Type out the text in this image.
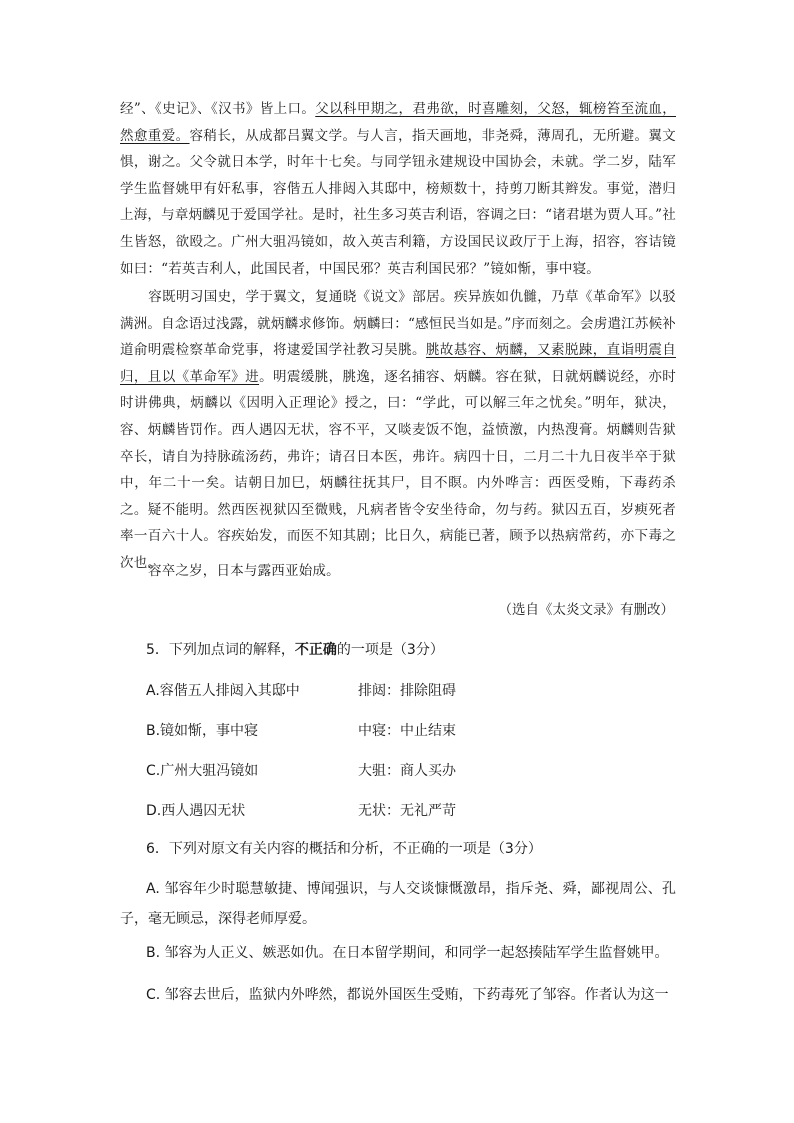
经”、《史记》、《汉书》皆上口。父以科甲期之，君弗欲，时喜雕刻，父怒，辄榜笞至流血，然愈重爱。容稍长，从成都吕翼文学。与人言，指天画地，非尧舜，薄周孔，无所避。翼文惧，谢之。父令就日本学，时年十七矣。与同学钮永建规设中国协会，未就。学二岁，陆军学生监督姚甲有奸私事，容偕五人排闼入其邸中，榜颊数十，持剪刀断其辫发。事觉，潜归上海，与章炳麟见于爱国学社。是时，社生多习英吉利语，容调之曰：“诸君堪为贾人耳。”社生皆怒，欲殴之。广州大驵冯镜如，故入英吉利籍，方设国民议政厅于上海，招容，容诘镜如曰：“若英吉利人，此国民者，中国民邪？英吉利国民邪？”镜如惭，事中寝。
容既明习国史，学于翼文，复通晓《说文》部居。疾异族如仇雠，乃草《革命军》以驳满洲。自念语过浅露，就炳麟求修饰。炳麟曰：“感恒民当如是。”序而刻之。会虏遣江苏候补道俞明震检察革命党事，将逮爱国学社教习吴朓。朓故惎容、炳麟，又素脱踈，直诣明震自归，且以《革命军》进。明震缓朓，朓逸，逐名捕容、炳麟。容在狱，日就炳麟说经，亦时时讲佛典，炳麟以《因明入正理论》授之，曰：“学此，可以解三年之忧矣。”明年，狱决，容、炳麟皆罚作。西人遇囚无状，容不平，又啖麦饭不饱，益愤激，内热溲膏。炳麟则告狱卒长，请自为持脉疏汤药，弗许；请召日本医，弗许。病四十日，二月二十九日夜半卒于狱中，年二十一矣。诘朝日加巳，炳麟往抚其尸，目不瞑。内外哗言：西医受贿，下毒药杀之。疑不能明。然西医视狱囚至微贱，凡病者皆令安坐待命，勿与药。狱囚五百，岁瘐死者率一百六十人。容疾始发，而医不知其剧；比日久，病能已著，顾予以热病常药，亦下毒之次也。
容卒之岁，日本与露西亚始成。
（选自《太炎文录》有删改）
5．下列加点词的解释，不正确的一项是（3分）
A.容偕五人排闼入其邸中	排闼：排除阻碍
B.镜如惭，事中寝	中寝：中止结束
C.广州大驵冯镜如	大驵：商人买办
D.西人遇囚无状	无状：无礼严苛
6．下列对原文有关内容的概括和分析，不正确的一项是（3分）
A. 邹容年少时聪慧敏捷、博闻强识，与人交谈慷慨激昂，指斥尧、舜，鄙视周公、孔子，毫无顾忌，深得老师厚爱。
B. 邹容为人正义、嫉恶如仇。在日本留学期间，和同学一起怒揍陆军学生监督姚甲。
C. 邹容去世后，监狱内外哗然，都说外国医生受贿，下药毒死了邹容。作者认为这一
